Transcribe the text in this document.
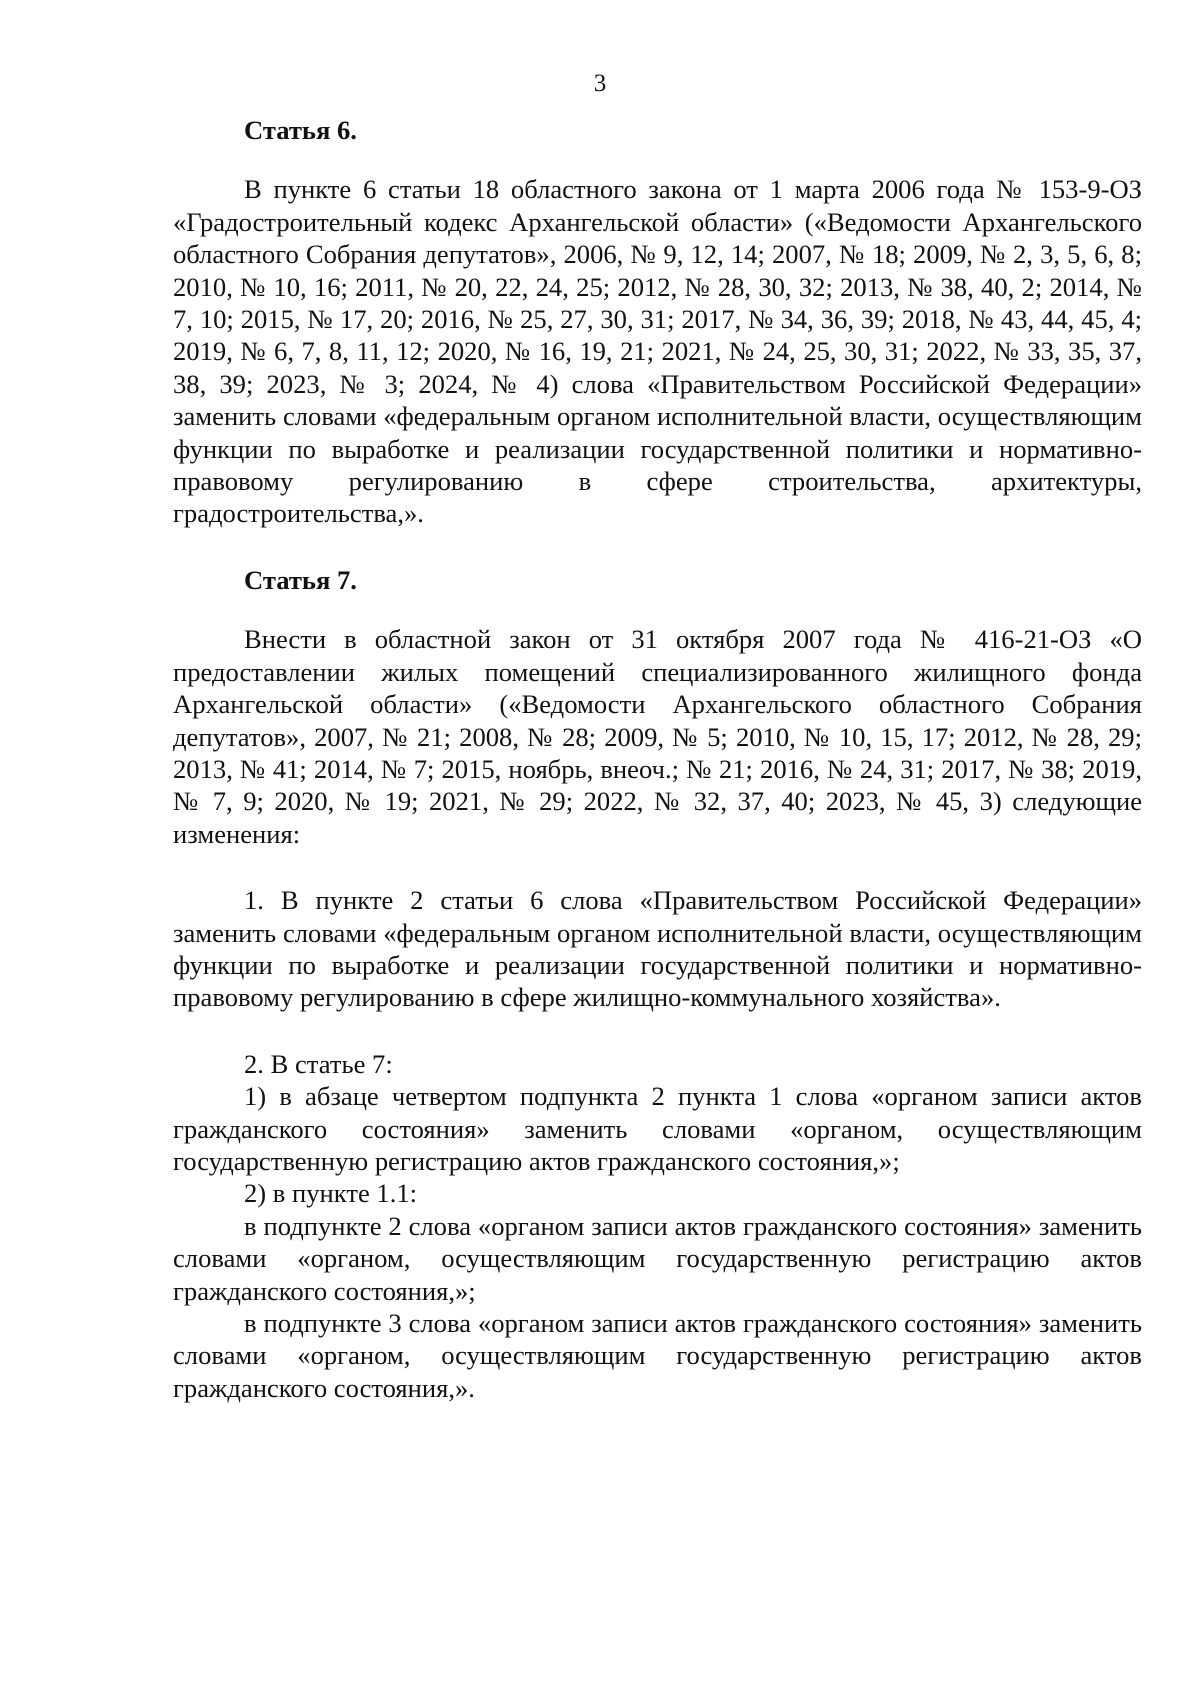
3

Статья 6.

В пункте 6 статьи 18 областного закона от 1 марта 2006 года № 153-9-ОЗ «Градостроительный кодекс Архангельской области» («Ведомости Архангельского областного Собрания депутатов», 2006, № 9, 12, 14; 2007, № 18; 2009, № 2, 3, 5, 6, 8; 2010, № 10, 16; 2011, № 20, 22, 24, 25; 2012, № 28, 30, 32; 2013, № 38, 40, 2; 2014, № 7, 10; 2015, № 17, 20; 2016, № 25, 27, 30, 31; 2017, № 34, 36, 39; 2018, № 43, 44, 45, 4; 2019, № 6, 7, 8, 11, 12; 2020, № 16, 19, 21; 2021, № 24, 25, 30, 31; 2022, № 33, 35, 37, 38, 39; 2023, № 3; 2024, № 4) слова «Правительством Российской Федерации» заменить словами «федеральным органом исполнительной власти, осуществляющим функции по выработке и реализации государственной политики и нормативно-правовому регулированию в сфере строительства, архитектуры, градостроительства,».

Статья 7.

Внести в областной закон от 31 октября 2007 года № 416-21-ОЗ «О предоставлении жилых помещений специализированного жилищного фонда Архангельской области» («Ведомости Архангельского областного Собрания депутатов», 2007, № 21; 2008, № 28; 2009, № 5; 2010, № 10, 15, 17; 2012, № 28, 29; 2013, № 41; 2014, № 7; 2015, ноябрь, внеоч.; № 21; 2016, № 24, 31; 2017, № 38; 2019, № 7, 9; 2020, № 19; 2021, № 29; 2022, № 32, 37, 40; 2023, № 45, 3) следующие изменения:

1. В пункте 2 статьи 6 слова «Правительством Российской Федерации» заменить словами «федеральным органом исполнительной власти, осуществляющим функции по выработке и реализации государственной политики и нормативно-правовому регулированию в сфере жилищно-коммунального хозяйства».

2. В статье 7:

1) в абзаце четвертом подпункта 2 пункта 1 слова «органом записи актов гражданского состояния» заменить словами «органом, осуществляющим государственную регистрацию актов гражданского состояния,»;

2) в пункте 1.1:

в подпункте 2 слова «органом записи актов гражданского состояния» заменить словами «органом, осуществляющим государственную регистрацию актов гражданского состояния,»;

в подпункте 3 слова «органом записи актов гражданского состояния» заменить словами «органом, осуществляющим государственную регистрацию актов гражданского состояния,».
